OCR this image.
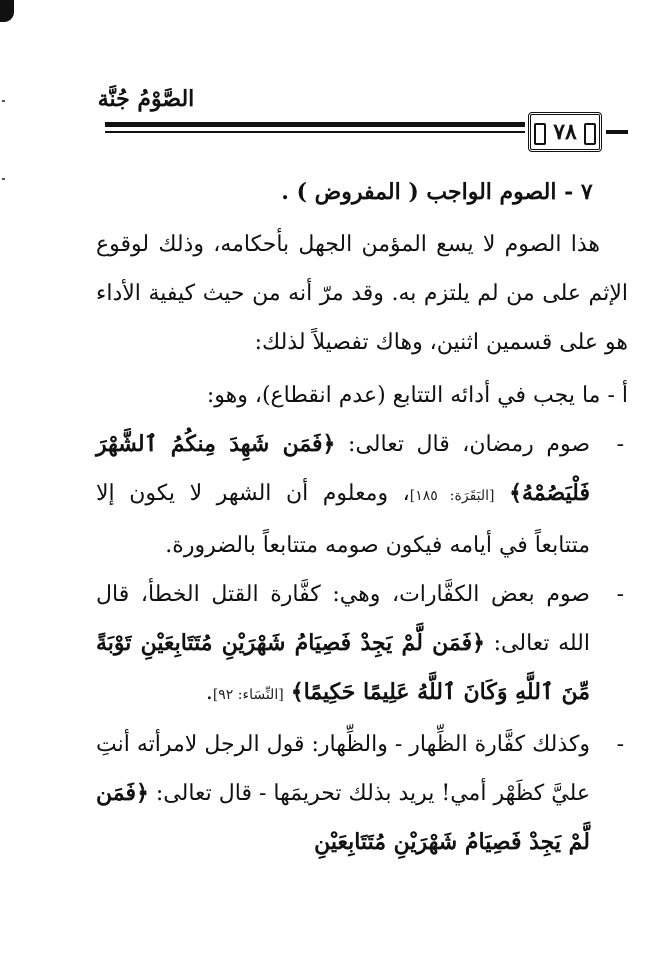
الصَّوْمُ جُنَّة
٧٨
٧ - الصوم الواجب ( المفروض ) .

هذا الصوم لا يسع المؤمن الجهل بأحكامه، وذلك لوقوع الإثم على من لم يلتزم به. وقد مرّ أنه من حيث كيفية الأداء هو على قسمين اثنين، وهاك تفصيلاً لذلك:

أ - ما يجب في أدائه التتابع (عدم انقطاع)، وهو:

-
صوم رمضان، قال تعالى: ﴿فَمَن شَهِدَ مِنكُمُ ٱلشَّهْرَ فَلْيَصُمْهُ﴾ [البَقَرَة: ١٨٥]، ومعلوم أن الشهر لا يكون إلا متتابعاً في أيامه فيكون صومه متتابعاً بالضرورة.

-
صوم بعض الكفَّارات، وهي: كفَّارة القتل الخطأ، قال الله تعالى: ﴿فَمَن لَّمْ يَجِدْ فَصِيَامُ شَهْرَيْنِ مُتَتَابِعَيْنِ تَوْبَةً مِّنَ ٱللَّهِ وَكَانَ ٱللَّهُ عَلِيمًا حَكِيمًا﴾ [النِّسَاء: ٩٢].

-
وكذلك كفَّارة الظِّهار - والظِّهار: قول الرجل لامرأته أنتِ عليَّ كظَهْر أمي! يريد بذلك تحريمَها - قال تعالى: ﴿فَمَن لَّمْ يَجِدْ فَصِيَامُ شَهْرَيْنِ مُتَتَابِعَيْنِ
